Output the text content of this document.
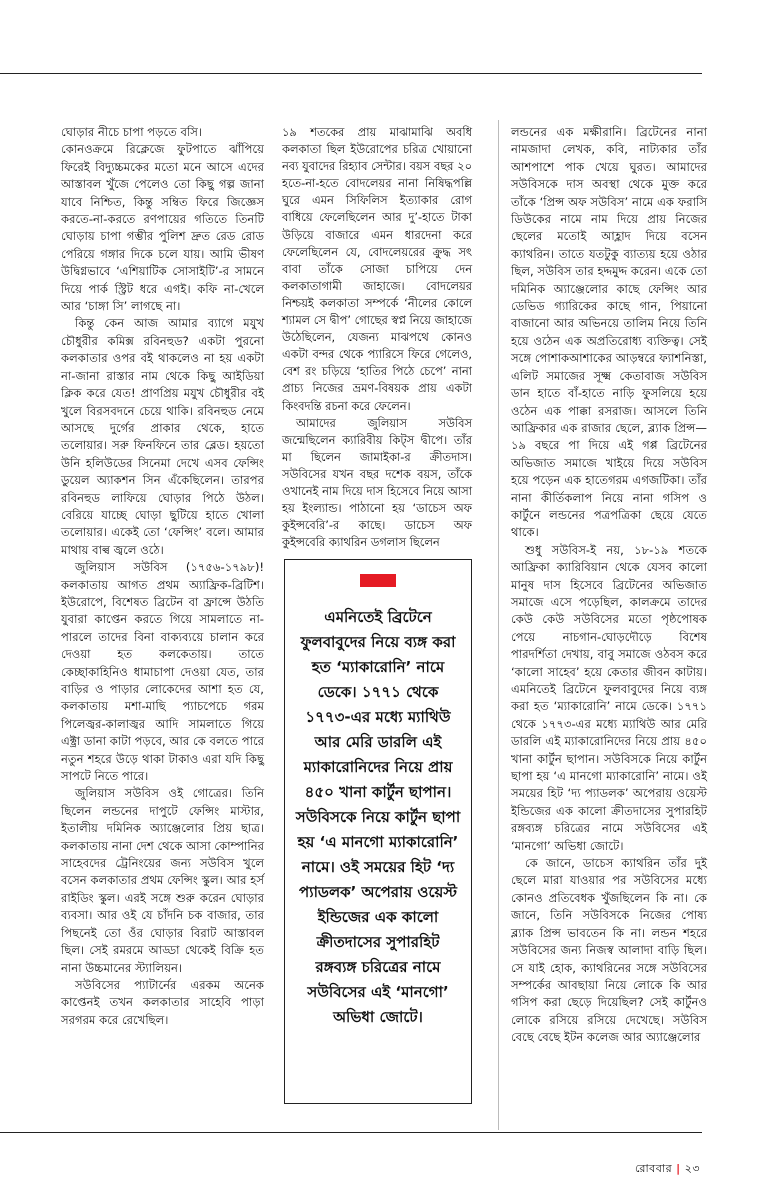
ঘোড়ার নীচে চাপা পড়তে বসি।

কোনওক্রমে রিক্লেজে ফুটপাতে ঝাঁপিয়ে ফিরেই বিদ্যুচ্চমকের মতো মনে আসে এদের আস্তাবল খুঁজে পেলেও তো কিছু গল্প জানা যাবে নিশ্চিত, কিন্তু সম্বিত ফিরে জিজ্ঞেস করতে-না-করতে রণপায়ের গতিতে তিনটি ঘোড়ায় চাপা গম্ভীর পুলিশ দ্রুত রেড রোড পেরিয়ে গঙ্গার দিকে চলে যায়। আমি ভীষণ উদ্বিগ্নভাবে ‘এশিয়াটিক সোসাইটি’-র সামনে দিয়ে পার্ক স্ট্রিট ধরে এগই। কফি না-খেলে আর ‘চাঙ্গা সি’ লাগছে না।

কিন্তু কেন আজ আমার ব্যাগে মযুখ চৌধুরীর কমিক্স রবিনহুড? একটা পুরনো কলকাতার ওপর বই থাকলেও না হয় একটা না-জানা রাস্তার নাম থেকে কিছু আইডিয়া ক্লিক করে যেত! প্রাণপ্রিয় মযুখ চৌধুরীর বই খুলে বিরসবদনে চেয়ে থাকি। রবিনহুড নেমে আসছে দুর্গের প্রাকার থেকে, হাতে তলোয়ার। সরু ফিনফিনে তার ব্লেড। হয়তো উনি হলিউডের সিনেমা দেখে এসব ফেন্সিং ডুয়েল অ্যাকশন সিন এঁকেছিলেন। তারপর রবিনহুড লাফিয়ে ঘোড়ার পিঠে উঠল। বেরিয়ে যাচ্ছে ঘোড়া ছুটিয়ে হাতে খোলা তলোয়ার। একেই তো ‘ফেন্সিং’ বলে। আমার মাথায় বাল্ব জ্বলে ওঠে।

জুলিয়াস সউবিস (১৭৫৬-১৭৯৮)! কলকাতায় আগত প্রথম অ্যাফ্রিক-ব্রিটিশ। ইউরোপে, বিশেষত ব্রিটেন বা ফ্রান্সে উঠতি যুবারা কাপ্তেন করতে গিয়ে সামলাতে না-পারলে তাদের বিনা বাক্যব্যয়ে চালান করে দেওয়া হত কলকেতায়। তাতে কেচ্ছাকাহিনিও ধামাচাপা দেওয়া যেত, তার বাড়ির ও পাড়ার লোকেদের আশা হত যে, কলকাতায় মশা-মাছি প্যাচপেচে গরম পিলেজ্বর-কালাজ্বর আদি সামলাতে গিয়ে এক্ট্রা ডানা কাটা পড়বে, আর কে বলতে পারে নতুন শহরে উড়ে থাকা টাকাও এরা যদি কিছু সাপটে নিতে পারে।

জুলিয়াস সউবিস ওই গোত্রের। তিনি ছিলেন লন্ডনের দাপুটে ফেন্সিং মাস্টার, ইতালীয় দমিনিক অ্যাঞ্জেলোর প্রিয় ছাত্র। কলকাতায় নানা দেশ থেকে আসা কোম্পানির সাহেবদের ট্রেনিংয়ের জন্য সউবিস খুলে বসেন কলকাতার প্রথম ফেন্সিং স্কুল। আর হর্স রাইডিং স্কুল। এরই সঙ্গে শুরু করেন ঘোড়ার ব্যবসা। আর ওই যে চাঁদনি চক বাজার, তার পিছনেই তো ওঁর ঘোড়ার বিরাট আস্তাবল ছিল। সেই রমরমে আড্ডা থেকেই বিক্রি হত নানা উচ্চমানের স্ট্যালিয়ন।

সউবিসের প্যাটার্নের এরকম অনেক কাপ্তেনই তখন কলকাতার সাহেবি পাড়া সরগরম করে রেখেছিল।

১৯ শতকের প্রায় মাঝামাঝি অবধি কলকাতা ছিল ইউরোপের চরিত্র খোয়ানো নব্য যুবাদের রিহ্যাব সেন্টার। বয়স বছর ২০ হতে-না-হতে বোদলেয়র নানা নিষিদ্ধপল্লি ঘুরে এমন সিফিলিস ইত্যাকার রোগ বাধিয়ে ফেলেছিলেন আর দু’-হাতে টাকা উড়িয়ে বাজারে এমন ধারদেনা করে ফেলেছিলেন যে, বোদলেয়রের ক্রুদ্ধ সৎ বাবা তাঁকে সোজা চাপিয়ে দেন কলকাতাগামী জাহাজে। বোদলেয়র নিশ্চয়ই কলকাতা সম্পর্কে ‘নীলের কোলে শ্যামল সে দ্বীপ’ গোছের স্বপ্ন নিয়ে জাহাজে উঠেছিলেন, যেজন্য মাঝপথে কোনও একটা বন্দর থেকে প্যারিসে ফিরে গেলেও, বেশ রং চড়িয়ে ‘হাতির পিঠে চেপে’ নানা প্রাচ্য নিজের ভ্রমণ-বিষয়ক প্রায় একটা কিংবদন্তি রচনা করে ফেলেন।

আমাদের জুলিয়াস সউবিস জন্মেছিলেন ক্যারিবীয় কিট্‌স দ্বীপে। তাঁর মা ছিলেন জামাইকা-র ক্রীতদাস। সউবিসের যখন বছর দশেক বয়স, তাঁকে ওখানেই নাম দিয়ে দাস হিসেবে নিয়ে আসা হয় ইংল্যান্ড। পাঠানো হয় ‘ডাচেস অফ কুইন্সবেরি’-র কাছে। ডাচেস অফ কুইন্সবেরি ক্যাথরিন ডগলাস ছিলেন

এমনিতেই ব্রিটেনে ফুলবাবুদের নিয়ে ব্যঙ্গ করা হত ‘ম্যাকারোনি’ নামে ডেকে। ১৭৭১ থেকে ১৭৭৩-এর মধ্যে ম্যাথিউ আর মেরি ডারলি এই ম্যাকারোনিদের নিয়ে প্রায় ৪৫০ খানা কার্টুন ছাপান। সউবিসকে নিয়ে কার্টুন ছাপা হয় ‘এ মানগো ম্যাকারোনি’ নামে। ওই সময়ের হিট ‘দ্য প্যাডলক’ অপেরায় ওয়েস্ট ইন্ডিজের এক কালো ক্রীতদাসের সুপারহিট রঙ্গব্যঙ্গ চরিত্রের নামে সউবিসের এই ‘মানগো’ অভিধা জোটে।

লন্ডনের এক মক্ষীরানি। ব্রিটেনের নানা নামজাদা লেখক, কবি, নাট্যকার তাঁর আশপাশে পাক খেয়ে ঘুরত। আমাদের সউবিসকে দাস অবস্থা থেকে মুক্ত করে তাঁকে ‘প্রিন্স অফ সউবিস’ নামে এক ফরাসি ডিউকের নামে নাম দিয়ে প্রায় নিজের ছেলের মতোই আহ্লাদ দিয়ে বসেন ক্যাথরিন। তাতে যতটুকু ব্যাত্যয় হয়ে ওঠার ছিল, সউবিস তার হদ্দমুদ্দ করেন। একে তো দমিনিক অ্যাঞ্জেলোর কাছে ফেন্সিং আর ডেভিড গ্যারিকের কাছে গান, পিয়ানো বাজানো আর অভিনয়ে তালিম নিয়ে তিনি হয়ে ওঠেন এক অপ্রতিরোধ্য ব্যক্তিত্ব। সেই সঙ্গে পোশাকআশাকের আড়ম্বরে ফ্যাশনিস্তা, এলিট সমাজের সূক্ষ্ম কেতাবাজ সউবিস ডান হাতে বাঁ-হাতে নাড়ি ফুসলিয়ে হয়ে ওঠেন এক পাক্কা রসরাজ। আসলে তিনি আফ্রিকার এক রাজার ছেলে, ব্ল্যাক প্রিন্স— ১৯ বছরে পা দিয়ে এই গপ্প ব্রিটেনের অভিজাত সমাজে খাইয়ে দিয়ে সউবিস হয়ে পড়েন এক হাতেগরম এগজটিকা। তাঁর নানা কীর্তিকলাপ নিয়ে নানা গসিপ ও কার্টুনে লন্ডনের পত্রপত্রিকা ছেয়ে যেতে থাকে।

শুধু সউবিস-ই নয়, ১৮-১৯ শতকে আফ্রিকা ক্যারিবিয়ান থেকে যেসব কালো মানুষ দাস হিসেবে ব্রিটেনের অভিজাত সমাজে এসে পড়েছিল, কালক্রমে তাদের কেউ কেউ সউবিসের মতো পৃষ্ঠপোষক পেয়ে নাচগান-ঘোড়দৌড়ে বিশেষ পারদর্শিতা দেখায়, বাবু সমাজে ওঠবস করে ‘কালো সাহেব’ হয়ে কেতার জীবন কাটায়। এমনিতেই ব্রিটেনে ফুলবাবুদের নিয়ে ব্যঙ্গ করা হত ‘ম্যাকারোনি’ নামে ডেকে। ১৭৭১ থেকে ১৭৭৩-এর মধ্যে ম্যাথিউ আর মেরি ডারলি এই ম্যাকারোনিদের নিয়ে প্রায় ৪৫০ খানা কার্টুন ছাপান। সউবিসকে নিয়ে কার্টুন ছাপা হয় ‘এ মানগো ম্যাকারোনি’ নামে। ওই সময়ের হিট ‘দ্য প্যাডলক’ অপেরায় ওয়েস্ট ইন্ডিজের এক কালো ক্রীতদাসের সুপারহিট রঙ্গব্যঙ্গ চরিত্রের নামে সউবিসের এই ‘মানগো’ অভিধা জোটে।

কে জানে, ডাচেস ক্যাথরিন তাঁর দুই ছেলে মারা যাওয়ার পর সউবিসের মধ্যে কোনও প্রতিবেধক খুঁজছিলেন কি না। কে জানে, তিনি সউবিসকে নিজের পোষ্য ব্ল্যাক প্রিন্স ভাবতেন কি না। লন্ডন শহরে সউবিসের জন্য নিজস্ব আলাদা বাড়ি ছিল। সে যাই হোক, ক্যাথরিনের সঙ্গে সউবিসের সম্পর্কের আবছায়া নিয়ে লোকে কি আর গসিপ করা ছেড়ে দিয়েছিল? সেই কার্টুনও লোকে রসিয়ে রসিয়ে দেখেছে। সউবিস বেছে বেছে ইটন কলেজ আর অ্যাঞ্জেলোর

রোববার | ২৩
